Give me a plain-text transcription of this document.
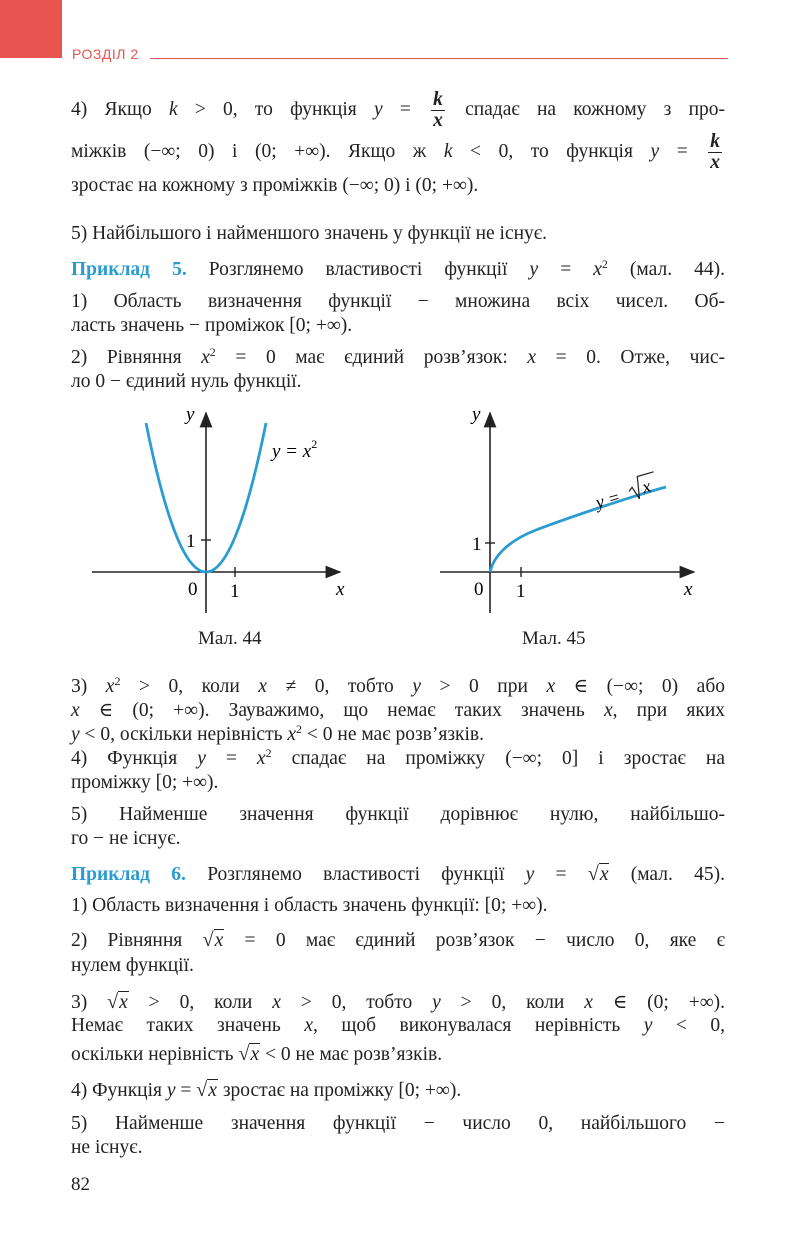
РОЗДІЛ 2
4) Якщо k > 0, то функція $y = \frac{k}{x}$ спадає на кожному з про-
міжків (−∞; 0) і (0; +∞). Якщо ж k < 0, то функція $y = \frac{k}{x}$
зростає на кожному з проміжків (−∞; 0) і (0; +∞).
5) Найбільшого і найменшого значень у функції не існує.
Приклад 5. Розглянемо властивості функції $y = x^2$ (мал. 44).
1) Область визначення функції − множина всіх чисел. Об-
ласть значень − проміжок [0; +∞).
2) Рівняння $x^2 = 0$ має єдиний розв’язок: x = 0. Отже, чис-
ло 0 − єдиний нуль функції.
y
x
1
1
0
$y = x^2$
Мал. 44
y
x
1
1
0
y =
x
Мал. 45
3) $x^2 > 0$, коли x ≠ 0, тобто y > 0 при x ∈ (−∞; 0) або
x ∈ (0; +∞). Зауважимо, що немає таких значень x, при яких
y < 0, оскільки нерівність $x^2 < 0$ не має розв’язків.
4) Функція $y = x^2$ спадає на проміжку (−∞; 0] і зростає на
проміжку [0; +∞).
5) Найменше значення функції дорівнює нулю, найбільшо-
го − не існує.
Приклад 6. Розглянемо властивості функції y = √x (мал. 45).
1) Область визначення і область значень функції: [0; +∞).
2) Рівняння √x = 0 має єдиний розв’язок − число 0, яке є
нулем функції.
3) √x > 0, коли x > 0, тобто y > 0, коли x ∈ (0; +∞).
Немає таких значень x, щоб виконувалася нерівність y < 0,
оскільки нерівність √x < 0 не має розв’язків.
4) Функція y = √x зростає на проміжку [0; +∞).
5) Найменше значення функції − число 0, найбільшого −
не існує.
82
